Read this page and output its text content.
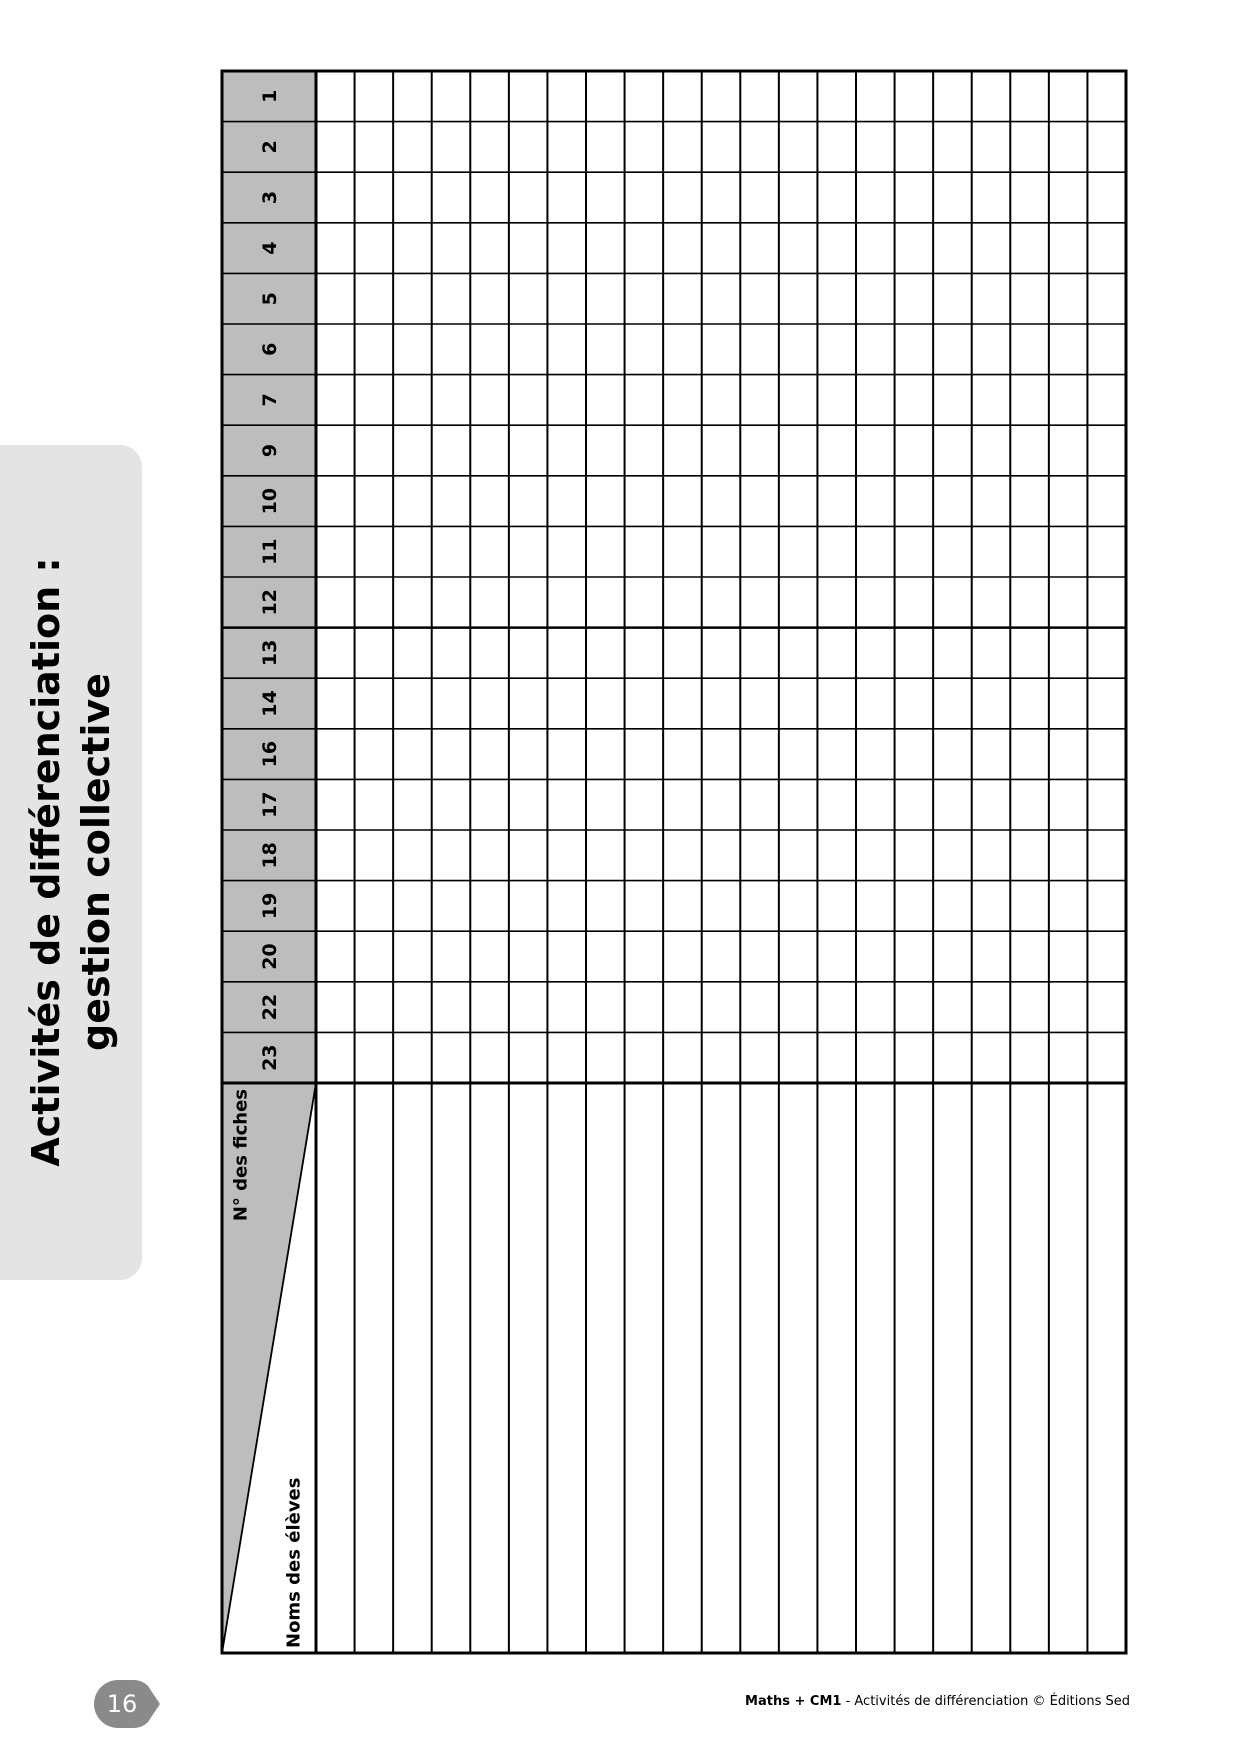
Activités de différenciation : gestion collective
1
2
3
4
5
6
7
9
10
11
12
13
14
16
17
18
19
20
22
23
N° des fiches
Noms des élèves
16	Maths + CM1 - Activités de différenciation © Éditions Sed
